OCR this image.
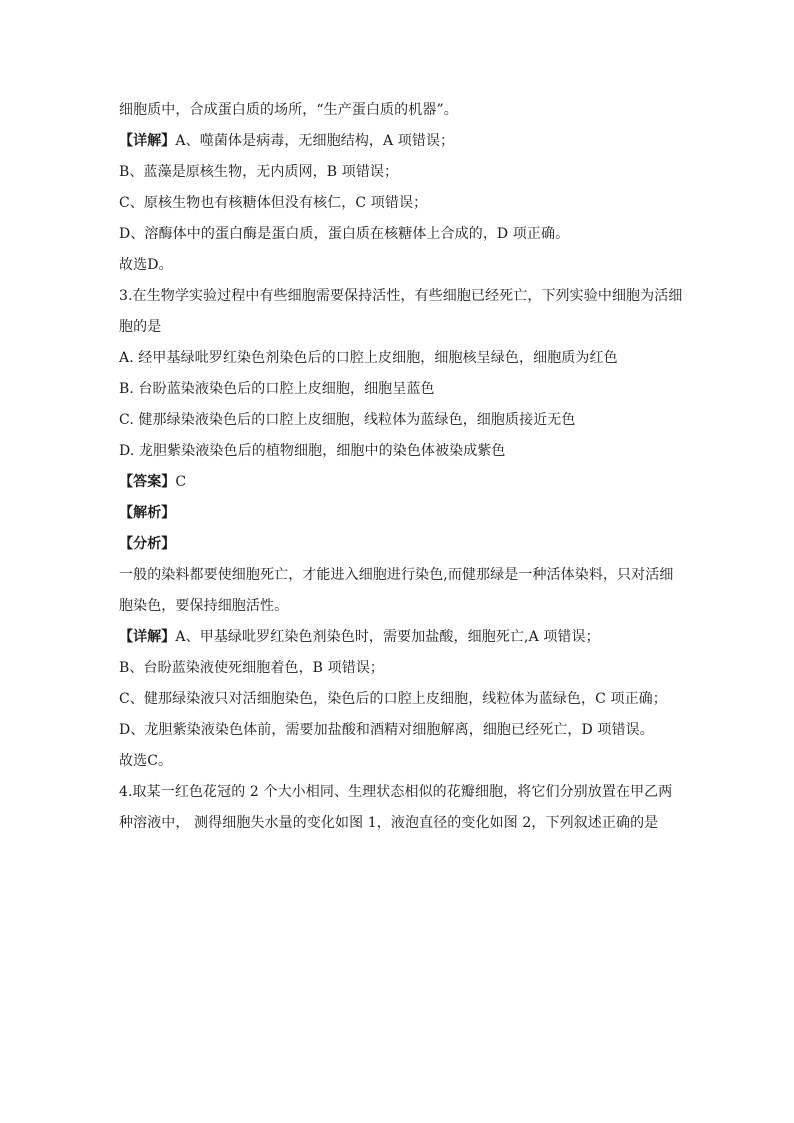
细胞质中，合成蛋白质的场所，“生产蛋白质的机器”。
【详解】A、噬菌体是病毒，无细胞结构，A 项错误；
B、蓝藻是原核生物，无内质网，B 项错误；
C、原核生物也有核糖体但没有核仁，C 项错误；
D、溶酶体中的蛋白酶是蛋白质，蛋白质在核糖体上合成的，D 项正确。
故选D。
3.在生物学实验过程中有些细胞需要保持活性，有些细胞已经死亡，下列实验中细胞为活细
胞的是
A. 经甲基绿吡罗红染色剂染色后的口腔上皮细胞，细胞核呈绿色，细胞质为红色
B. 台盼蓝染液染色后的口腔上皮细胞，细胞呈蓝色
C. 健那绿染液染色后的口腔上皮细胞，线粒体为蓝绿色，细胞质接近无色
D. 龙胆紫染液染色后的植物细胞，细胞中的染色体被染成紫色
【答案】C
【解析】
【分析】
一般的染料都要使细胞死亡，才能进入细胞进行染色,而健那绿是一种活体染料，只对活细
胞染色，要保持细胞活性。
【详解】A、甲基绿吡罗红染色剂染色时，需要加盐酸，细胞死亡,A 项错误；
B、台盼蓝染液使死细胞着色，B 项错误；
C、健那绿染液只对活细胞染色，染色后的口腔上皮细胞，线粒体为蓝绿色，C 项正确；
D、龙胆紫染液染色体前，需要加盐酸和酒精对细胞解离，细胞已经死亡，D 项错误。
故选C。
4.取某一红色花冠的 2 个大小相同、生理状态相似的花瓣细胞，将它们分别放置在甲乙两
种溶液中， 测得细胞失水量的变化如图 1，液泡直径的变化如图 2，下列叙述正确的是
